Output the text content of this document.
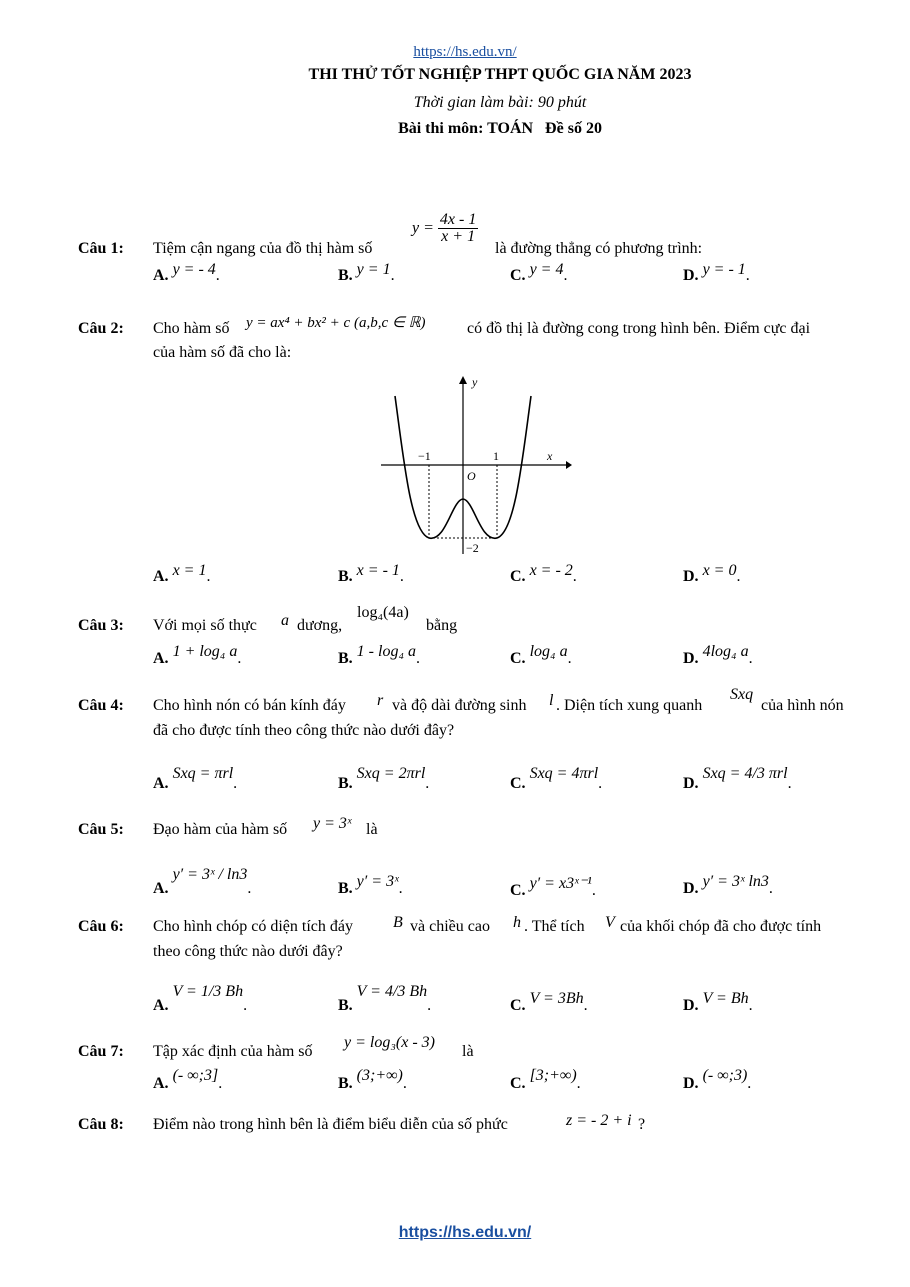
https://hs.edu.vn/
THI THỬ TỐT NGHIỆP THPT QUỐC GIA NĂM 2023
Thời gian làm bài: 90 phút
Bài thi môn: TOÁN   Đề số 20
Câu 1: Tiệm cận ngang của đồ thị hàm số
$y = \frac{4x - 1}{x + 1}$
là đường thẳng có phương trình:
A. y = - 4.	B. y = 1.	C. y = 4.	D. y = - 1.
Câu 2: Cho hàm số y = ax⁴ + bx² + c (a,b,c ∈ ℝ)	có đồ thị là đường cong trong hình bên. Điểm cực đại
của hàm số đã cho là:
y
x
O
−1	1
−2
A. x = 1.	B. x = - 1.	C. x = - 2.	D. x = 0.
Câu 3: Với mọi số thực a dương,
log₄(4a)
bằng
A. 1 + log₄ a.	B. 1 - log₄ a.	C. log₄ a.	D. 4log₄ a.
Câu 4: Cho hình nón có bán kính đáy r và độ dài đường sinh l . Diện tích xung quanh
Sxq
của hình nón
đã cho được tính theo công thức nào dưới đây?
A. Sxq = πrl.	B. Sxq = 2πrl.	C. Sxq = 4πrl.	D. Sxq = 4/3 πrl.
Câu 5: Đạo hàm của hàm số y = 3ˣ là
A. y′ = 3ˣ / ln3.	B. y′ = 3ˣ.	C. y′ = x3ˣ⁻¹.	D. y′ = 3ˣ ln3.
Câu 6: Cho hình chóp có diện tích đáy	B và chiều cao h . Thể tích V của khối chóp đã cho được tính
theo công thức nào dưới đây?
A. V = 1/3 Bh.	B. V = 4/3 Bh.	C. V = 3Bh.	D. V = Bh.
Câu 7: Tập xác định của hàm số
y = log₃(x - 3)
là
A. (- ∞;3].	B. (3;+∞).	C. [3;+∞).	D. (- ∞;3).
Câu 8: Điểm nào trong hình bên là điểm biểu diễn của số phức	z = - 2 + i ?
https://hs.edu.vn/
